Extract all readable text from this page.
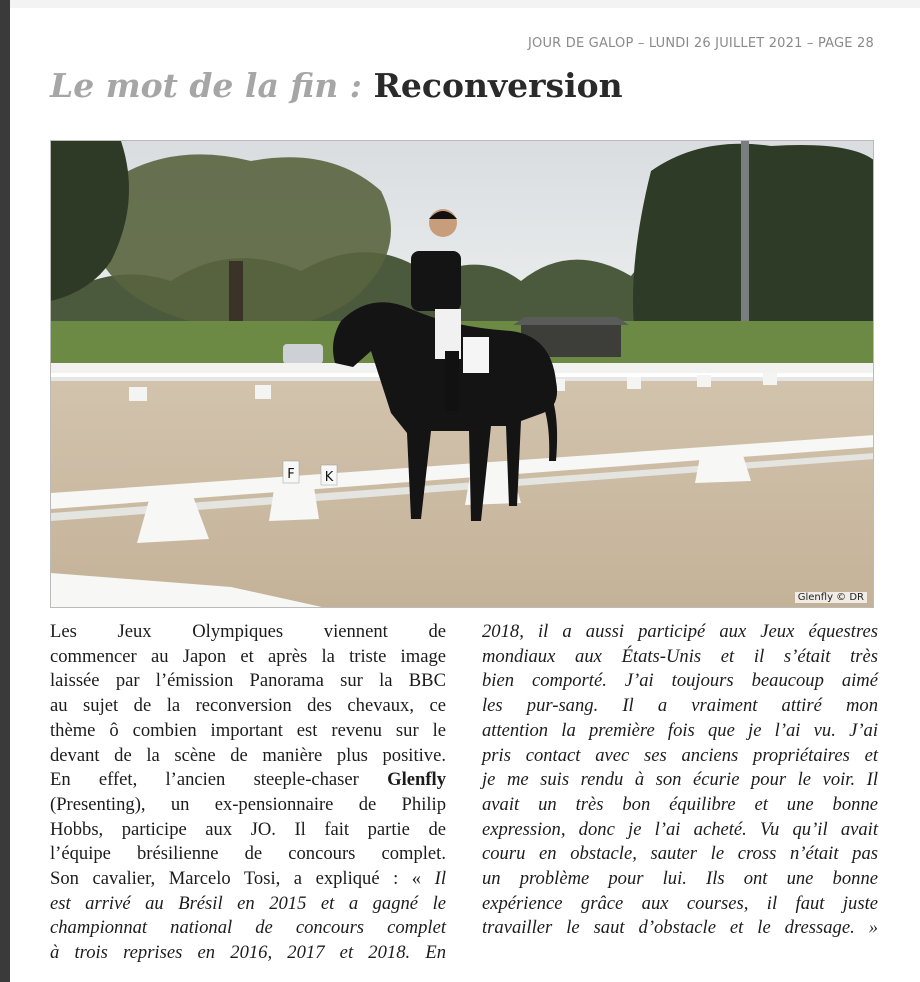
JOUR DE GALOP – LUNDI 26 JUILLET 2021 – PAGE 28
Le mot de la fin : Reconversion
F K
Glenfly © DR
Les Jeux Olympiques viennent de
commencer au Japon et après la triste image
laissée par l’émission Panorama sur la BBC
au sujet de la reconversion des chevaux, ce
thème ô combien important est revenu sur le
devant de la scène de manière plus positive.
En effet, l’ancien steeple-chaser Glenfly
(Presenting), un ex-pensionnaire de Philip
Hobbs, participe aux JO. Il fait partie de
l’équipe brésilienne de concours complet.
Son cavalier, Marcelo Tosi, a expliqué : « Il
est arrivé au Brésil en 2015 et a gagné le
championnat national de concours complet
à trois reprises en 2016, 2017 et 2018. En
2018, il a aussi participé aux Jeux équestres
mondiaux aux États-Unis et il s’était très
bien comporté. J’ai toujours beaucoup aimé
les pur-sang. Il a vraiment attiré mon
attention la première fois que je l’ai vu. J’ai
pris contact avec ses anciens propriétaires et
je me suis rendu à son écurie pour le voir. Il
avait un très bon équilibre et une bonne
expression, donc je l’ai acheté. Vu qu’il avait
couru en obstacle, sauter le cross n’était pas
un problème pour lui. Ils ont une bonne
expérience grâce aux courses, il faut juste
travailler le saut d’obstacle et le dressage. »
